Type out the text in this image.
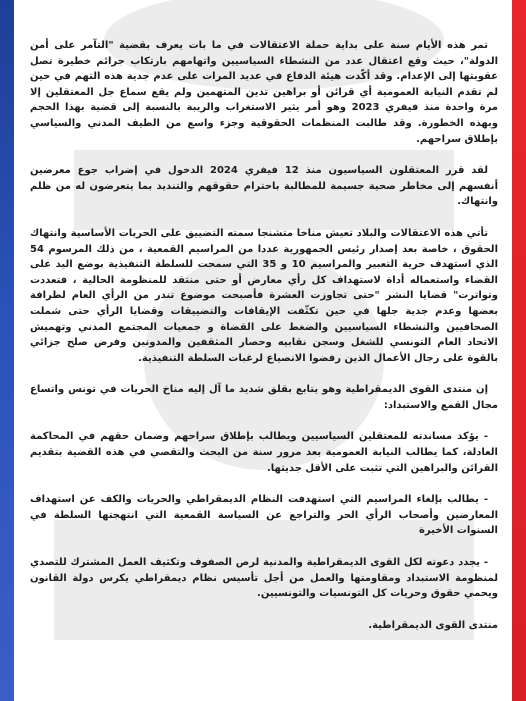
تمر هذه الأيام سنة على بداية حملة الاعتقالات في ما بات يعرف بقضية "التآمر على أمن الدولة"، حيث وقع اعتقال عدد من النشطاء السياسيين واتهامهم بارتكاب جرائم خطيرة تصل عقوبتها إلى الإعدام. وقد أكّدت هيئة الدفاع في عديد المرات على عدم جدية هذه التهم في حين لم تقدم النيابة العمومية أي قرائن أو براهين تدين المتهمين ولم يقع سماع جل المعتقلين إلا مرة واحدة منذ فيفري 2023 وهو أمر يثير الاستغراب والريبة بالنسبة إلى قضية بهذا الحجم وبهذه الخطورة. وقد طالبت المنظمات الحقوقية وجزء واسع من الطيف المدني والسياسي بإطلاق سراحهم.

لقد قرر المعتقلون السياسيون منذ 12 فيفري 2024 الدخول في إضراب جوع معرضين أنفسهم إلى مخاطر صحية جسيمة للمطالبة باحترام حقوقهم والتنديد بما يتعرضون له من ظلم وانتهاك.

تأتي هذه الاعتقالات والبلاد تعيش مناخا متشنجا سمته التضييق على الحريات الأساسية وانتهاك الحقوق ، خاصة بعد إصدار رئيس الجمهورية عددا من المراسيم القمعية ، من ذلك المرسوم 54 الذي استهدف حرية التعبير والمراسيم 10 و 35 التي سمحت للسلطة التنفيذية بوضع اليد على القضاء واستعماله أداة لاستهداف كل رأي معارض أو حتى منتقد للمنظومة الحالية ، فتعددت وتواترت" قضايا النشر "حتى تجاوزت العشرة فأصبحت موضوع تندر من الرأي العام لطرافة بعضها وعدم جدية جلها في حين تكثّفت الإيقافات والتضييقات وقضايا الرأي حتى شملت الصحافيين والنشطاء السياسيين والضغط على القضاة و جمعيات المجتمع المدني وتهميش الاتحاد العام التونسي للشغل وسجن نقابيه وحصار المثقفين والمدونين وفرض صلح جزائي بالقوة على رجال الأعمال الذين رفضوا الانصياع لرغبات السلطة التنفيذية.

إن منتدى القوى الديمقراطية وهو يتابع بقلق شديد ما آل إليه مناخ الحريات في تونس واتساع مجال القمع والاستبداد:

- يؤكد مساندته للمعتقلين السياسيين ويطالب بإطلاق سراحهم وضمان حقهم في المحاكمة العادلة، كما يطالب النيابة العمومية بعد مرور سنة من البحث والتقصي في هذه القضية بتقديم القرائن والبراهين التي تثبت على الأقل جديتها.

- يطالب بإلغاء المراسيم التي استهدفت النظام الديمقراطي والحريات والكف عن استهداف المعارضين وأصحاب الرأي الحر والتراجع عن السياسة القمعية التي انتهجتها السلطة في السنوات الأخيرة

- يجدد دعوته لكل القوى الديمقراطية والمدنية لرص الصفوف وتكثيف العمل المشترك للتصدي لمنظومة الاستبداد ومقاومتها والعمل من أجل تأسيس نظام ديمقراطي يكرس دولة القانون ويحمي حقوق وحريات كل التونسيات والتونسيين.

منتدى القوى الديمقراطية.
